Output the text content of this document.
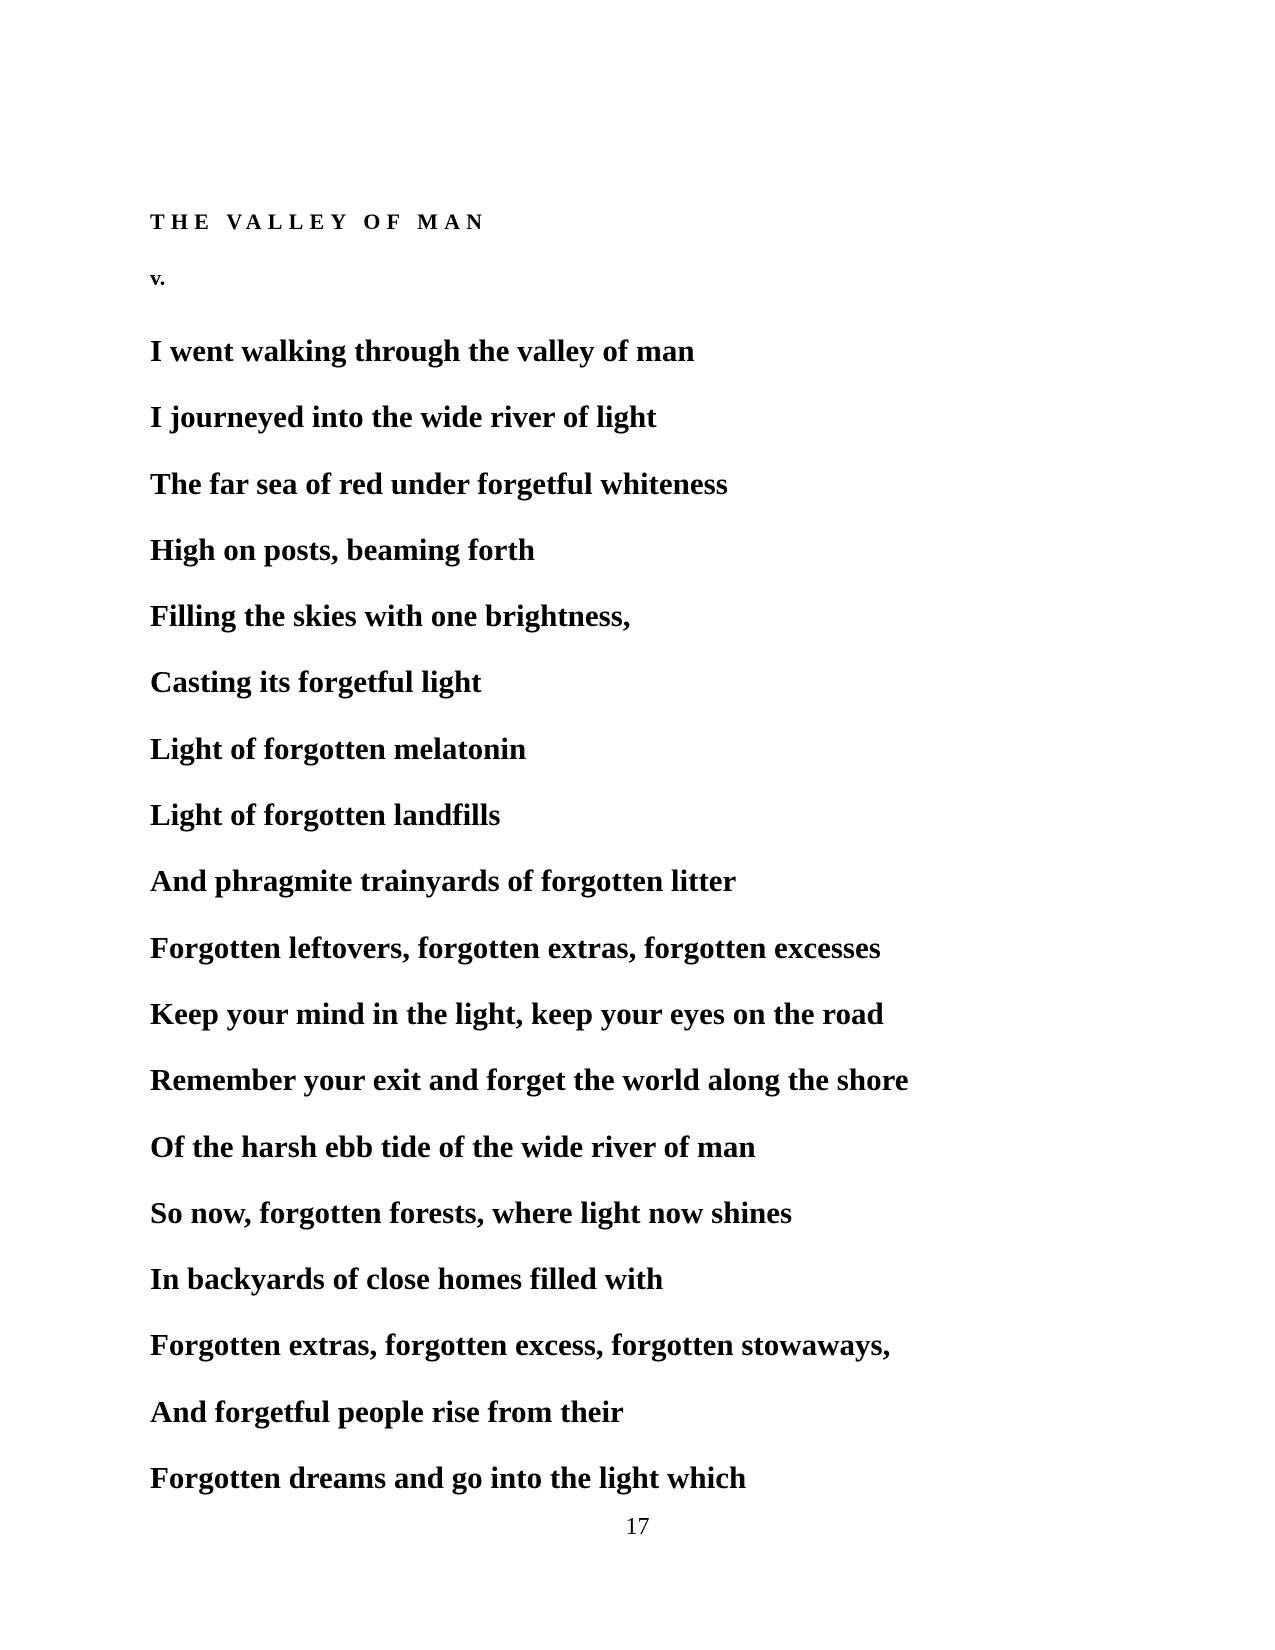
THE VALLEY OF MAN
v.
I went walking through the valley of man
I journeyed into the wide river of light
The far sea of red under forgetful whiteness
High on posts, beaming forth
Filling the skies with one brightness,
Casting its forgetful light
Light of forgotten melatonin
Light of forgotten landfills
And phragmite trainyards of forgotten litter
Forgotten leftovers, forgotten extras, forgotten excesses
Keep your mind in the light, keep your eyes on the road
Remember your exit and forget the world along the shore
Of the harsh ebb tide of the wide river of man
So now, forgotten forests, where light now shines
In backyards of close homes filled with
Forgotten extras, forgotten excess, forgotten stowaways,
And forgetful people rise from their
Forgotten dreams and go into the light which
17
